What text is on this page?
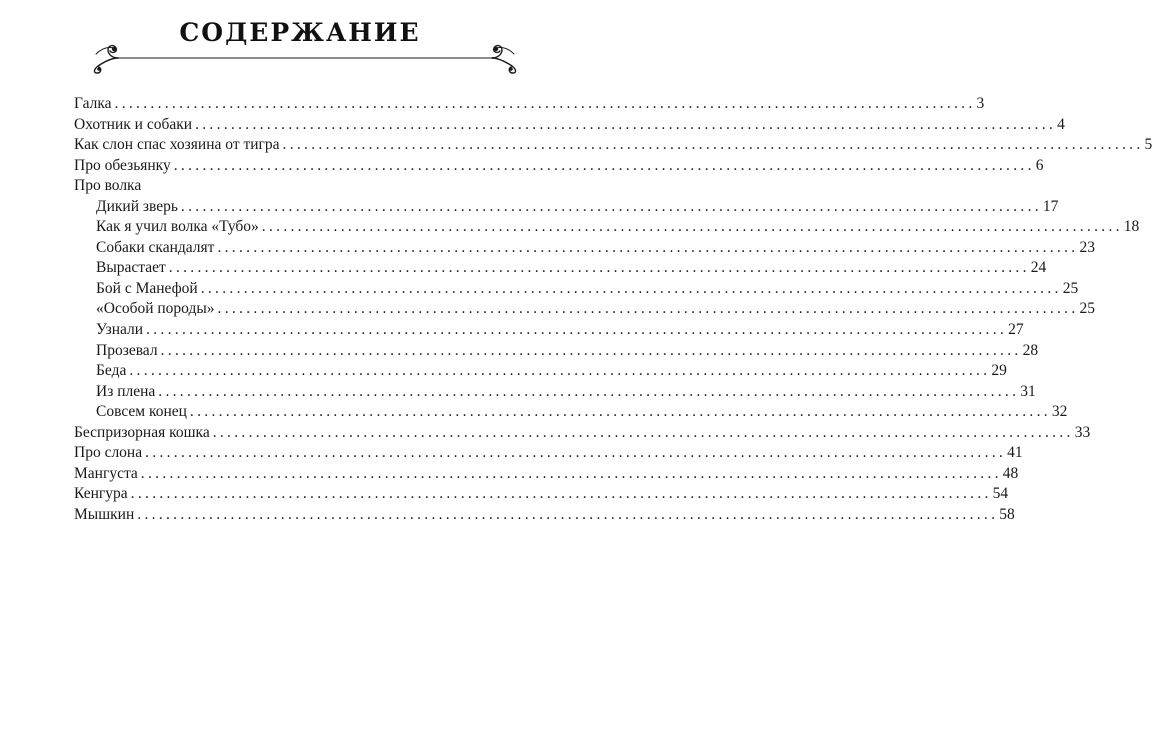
СОДЕРЖАНИЕ
Галка ........................................................................................................................ 3
Охотник и собаки ........................................................................................................................ 4
Как слон спас хозяина от тигра ........................................................................................................................ 5
Про обезьянку ........................................................................................................................ 6
Про волка
Дикий зверь ........................................................................................................................ 17
Как я учил волка «Тубо» ........................................................................................................................ 18
Собаки скандалят ........................................................................................................................ 23
Вырастает ........................................................................................................................ 24
Бой с Манефой ........................................................................................................................ 25
«Особой породы» ........................................................................................................................ 25
Узнали ........................................................................................................................ 27
Прозевал ........................................................................................................................ 28
Беда ........................................................................................................................ 29
Из плена ........................................................................................................................ 31
Совсем конец ........................................................................................................................ 32
Беспризорная кошка ........................................................................................................................ 33
Про слона ........................................................................................................................ 41
Мангуста ........................................................................................................................ 48
Кенгура ........................................................................................................................ 54
Мышкин ........................................................................................................................ 58
